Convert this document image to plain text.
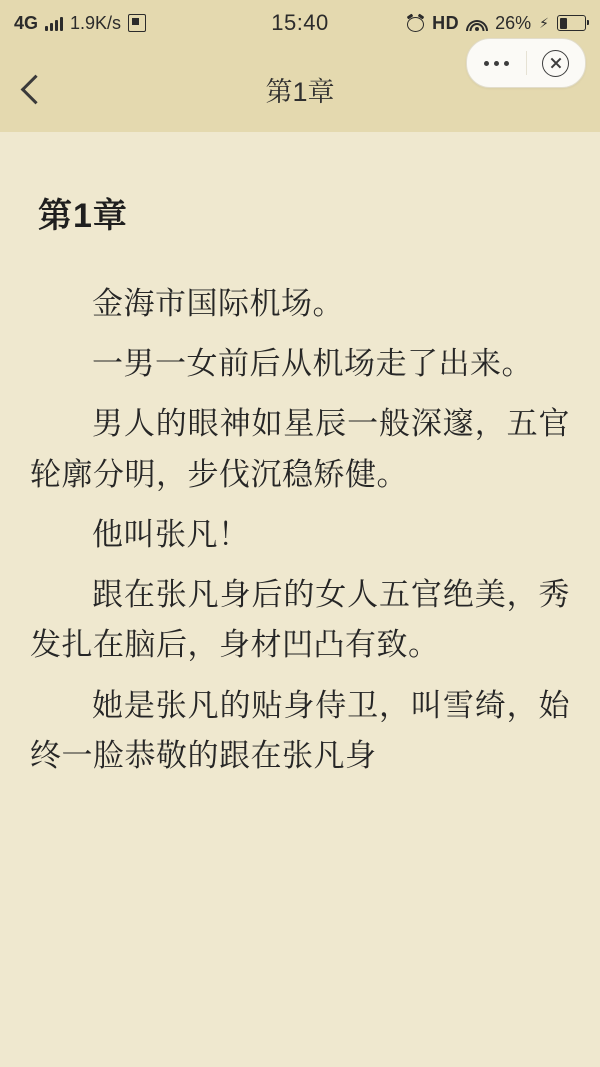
4G 1.9K/s	15:40	HD 26% ⚡
第1章
第1章

金海市国际机场。

一男一女前后从机场走了出来。

男人的眼神如星辰一般深邃，五官轮廓分明，步伐沉稳矫健。

他叫张凡！

跟在张凡身后的女人五官绝美，秀发扎在脑后，身材凹凸有致。

她是张凡的贴身侍卫，叫雪绮，始终一脸恭敬的跟在张凡身
